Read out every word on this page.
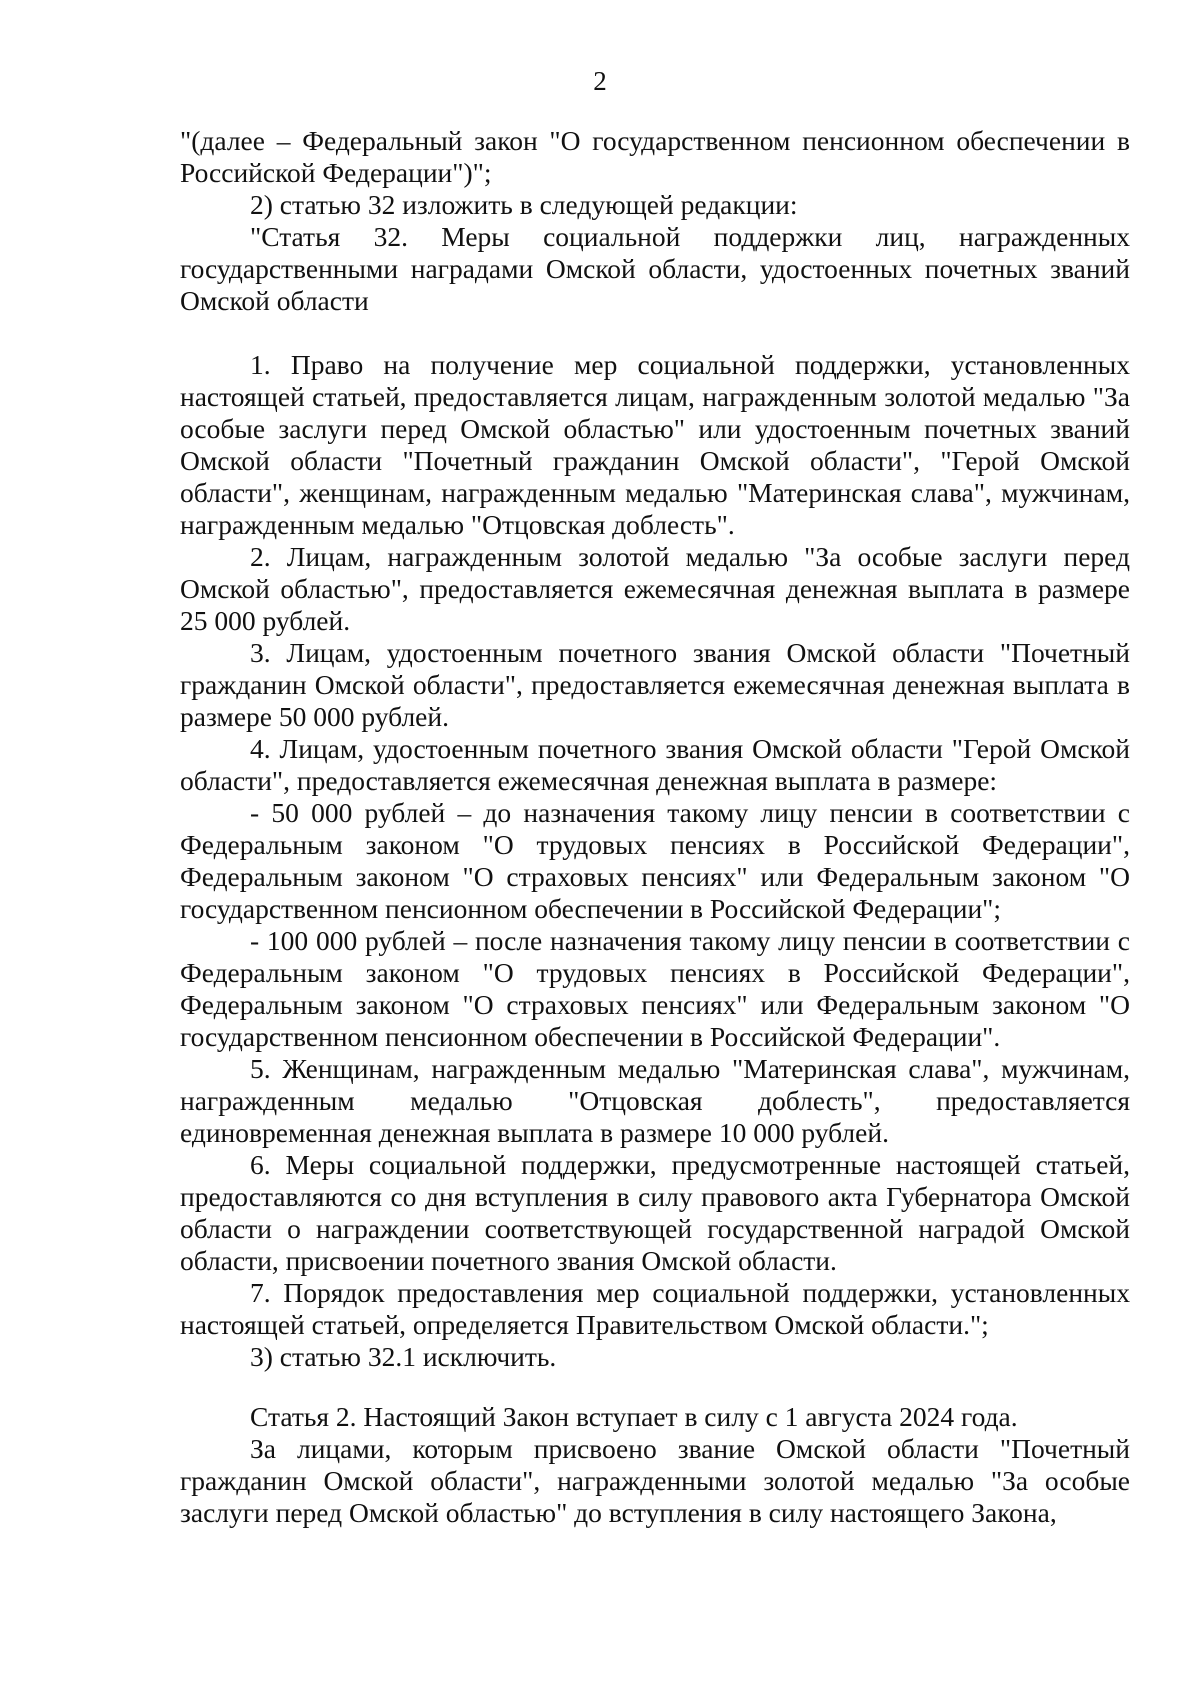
2

"(далее – Федеральный закон "О государственном пенсионном обеспечении в Российской Федерации")";

2) статью 32 изложить в следующей редакции:

"Статья 32. Меры социальной поддержки лиц, награжденных государственными наградами Омской области, удостоенных почетных званий Омской области

1. Право на получение мер социальной поддержки, установленных настоящей статьей, предоставляется лицам, награжденным золотой медалью "За особые заслуги перед Омской областью" или удостоенным почетных званий Омской области "Почетный гражданин Омской области", "Герой Омской области", женщинам, награжденным медалью "Материнская слава", мужчинам, награжденным медалью "Отцовская доблесть".

2. Лицам, награжденным золотой медалью "За особые заслуги перед Омской областью", предоставляется ежемесячная денежная выплата в размере 25 000 рублей.

3. Лицам, удостоенным почетного звания Омской области "Почетный гражданин Омской области", предоставляется ежемесячная денежная выплата в размере 50 000 рублей.

4. Лицам, удостоенным почетного звания Омской области "Герой Омской области", предоставляется ежемесячная денежная выплата в размере:

- 50 000 рублей – до назначения такому лицу пенсии в соответствии с Федеральным законом "О трудовых пенсиях в Российской Федерации", Федеральным законом "О страховых пенсиях" или Федеральным законом "О государственном пенсионном обеспечении в Российской Федерации";

- 100 000 рублей – после назначения такому лицу пенсии в соответствии с Федеральным законом "О трудовых пенсиях в Российской Федерации", Федеральным законом "О страховых пенсиях" или Федеральным законом "О государственном пенсионном обеспечении в Российской Федерации".

5. Женщинам, награжденным медалью "Материнская слава", мужчинам, награжденным медалью "Отцовская доблесть", предоставляется единовременная денежная выплата в размере 10 000 рублей.

6. Меры социальной поддержки, предусмотренные настоящей статьей, предоставляются со дня вступления в силу правового акта Губернатора Омской области о награждении соответствующей государственной наградой Омской области, присвоении почетного звания Омской области.

7. Порядок предоставления мер социальной поддержки, установленных настоящей статьей, определяется Правительством Омской области.";

3) статью 32.1 исключить.

Статья 2. Настоящий Закон вступает в силу с 1 августа 2024 года.

За лицами, которым присвоено звание Омской области "Почетный гражданин Омской области", награжденными золотой медалью "За особые заслуги перед Омской областью" до вступления в силу настоящего Закона,
